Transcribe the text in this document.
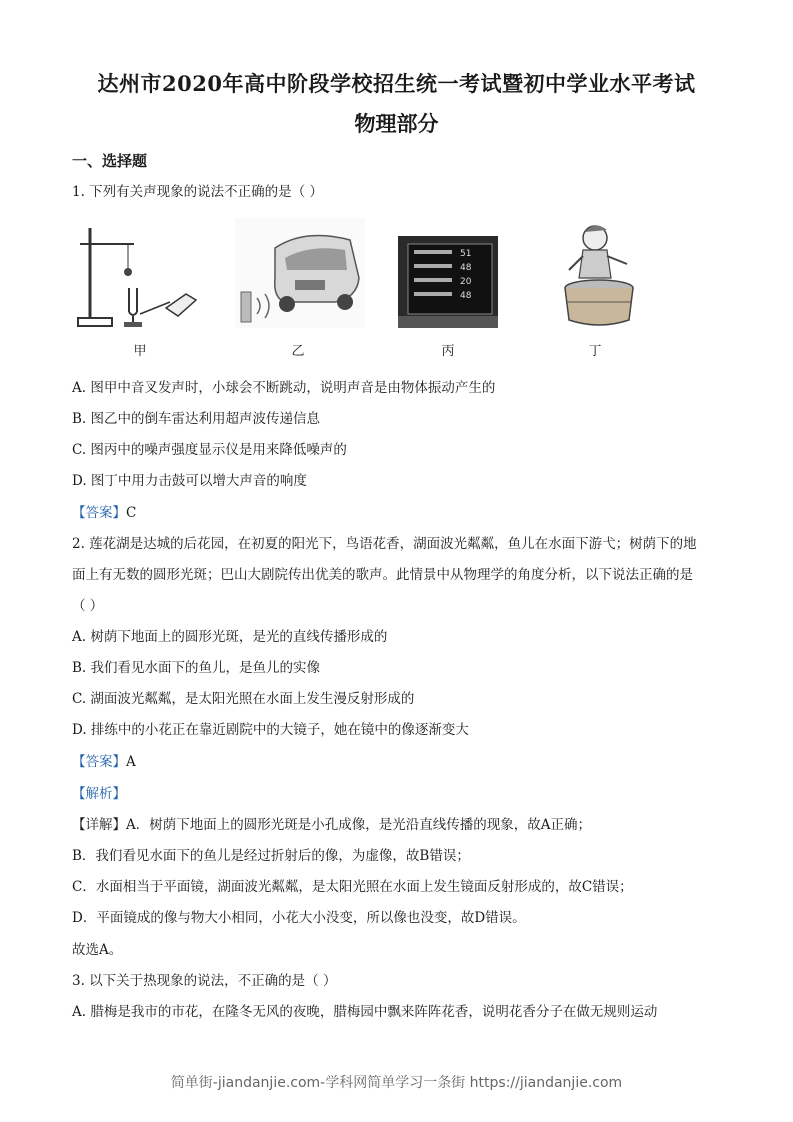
达州市2020年高中阶段学校招生统一考试暨初中学业水平考试
物理部分
一、选择题
1. 下列有关声现象的说法不正确的是（ ）
甲	乙
51
48
20
48
丙	丁
A. 图甲中音叉发声时，小球会不断跳动，说明声音是由物体振动产生的
B. 图乙中的倒车雷达利用超声波传递信息
C. 图丙中的噪声强度显示仪是用来降低噪声的
D. 图丁中用力击鼓可以增大声音的响度
【答案】C
2. 莲花湖是达城的后花园，在初夏的阳光下，鸟语花香，湖面波光粼粼，鱼儿在水面下游弋；树荫下的地
面上有无数的圆形光斑；巴山大剧院传出优美的歌声。此情景中从物理学的角度分析，以下说法正确的是
（ ）
A. 树荫下地面上的圆形光斑，是光的直线传播形成的
B. 我们看见水面下的鱼儿，是鱼儿的实像
C. 湖面波光粼粼，是太阳光照在水面上发生漫反射形成的
D. 排练中的小花正在靠近剧院中的大镜子，她在镜中的像逐渐变大
【答案】A
【解析】
【详解】A．树荫下地面上的圆形光斑是小孔成像，是光沿直线传播的现象，故A正确；
B．我们看见水面下的鱼儿是经过折射后的像，为虚像，故B错误；
C．水面相当于平面镜，湖面波光粼粼，是太阳光照在水面上发生镜面反射形成的，故C错误；
D．平面镜成的像与物大小相同，小花大小没变，所以像也没变，故D错误。
故选A。
3. 以下关于热现象的说法，不正确的是（ ）
A. 腊梅是我市的市花，在隆冬无风的夜晚，腊梅园中飘来阵阵花香，说明花香分子在做无规则运动
简单街-jiandanjie.com-学科网简单学习一条街 https://jiandanjie.com
